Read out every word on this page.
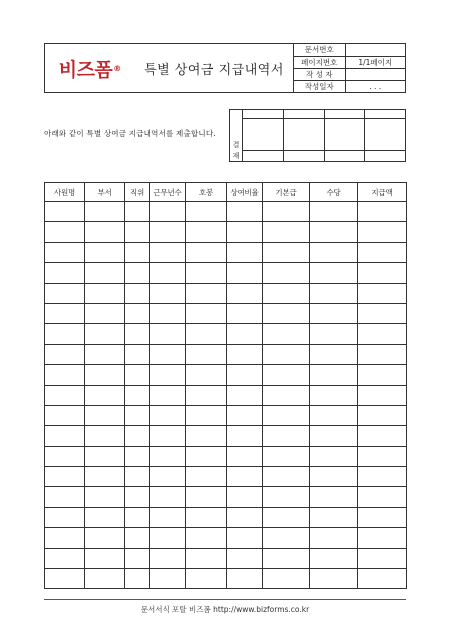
비즈폼 ®	특별 상여금 지급내역서
문서번호	
페이지번호	1/1페이지
작 성 자	
작성일자	. . .
아래와 같이 특별 상여금 지급내역서를 제출합니다.
결				

재				

사원명	부서	직위	근무년수	호봉	상여비율	기본급	수당	지급액

문서서식 포탈 비즈폼 http://www.bizforms.co.kr
